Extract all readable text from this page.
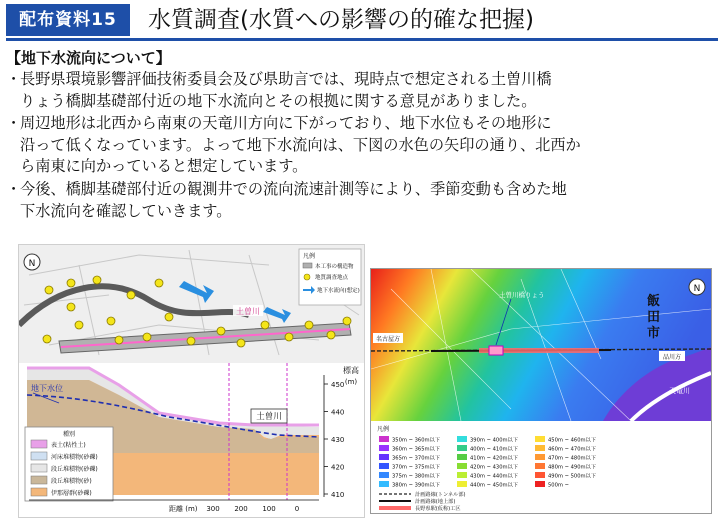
配布資料15	水質調査(水質への影響の的確な把握)
【地下水流向について】
・
長野県環境影響評価技術委員会及び県助言では、現時点で想定される土曽川橋
りょう橋脚基礎部付近の地下水流向とその根拠に関する意見がありました。
・
周辺地形は北西から南東の天竜川方向に下がっており、地下水位もその地形に
沿って低くなっています。よって地下水流向は、下図の水色の矢印の通り、北西か
ら南東に向かっていると想定しています。
・
今後、橋脚基礎部付近の観測井での流向流速計測等により、季節変動も含めた地
下水流向を確認していきます。
N
土曽川
凡例
本工事の構造物
地質調査地点
地下水流向(想定)
地下水位
土曽川
種別
表土(粘性土)
河床堆積物(砂礫)
段丘堆積物(砂礫)
段丘堆積物(砂)
伊那層群(砂礫)
標高
(m)
450
440
430
420
410
距離 (m) 300 200 100	0
天竜川
土曽川橋りょう
名古屋方
品川方
飯田市
N
凡例
350m ~ 360m以下
360m ~ 365m以下
365m ~ 370m以下
370m ~ 375m以下
375m ~ 380m以下
380m ~ 390m以下
390m ~ 400m以下
400m ~ 410m以下
410m ~ 420m以下
420m ~ 430m以下
430m ~ 440m以下
440m ~ 450m以下
450m ~ 460m以下
460m ~ 470m以下
470m ~ 480m以下
480m ~ 490m以下
490m ~ 500m以下
500m ~
計画路線(トンネル部)
計画路線(地上部)
長野県駅(仮称)工区
